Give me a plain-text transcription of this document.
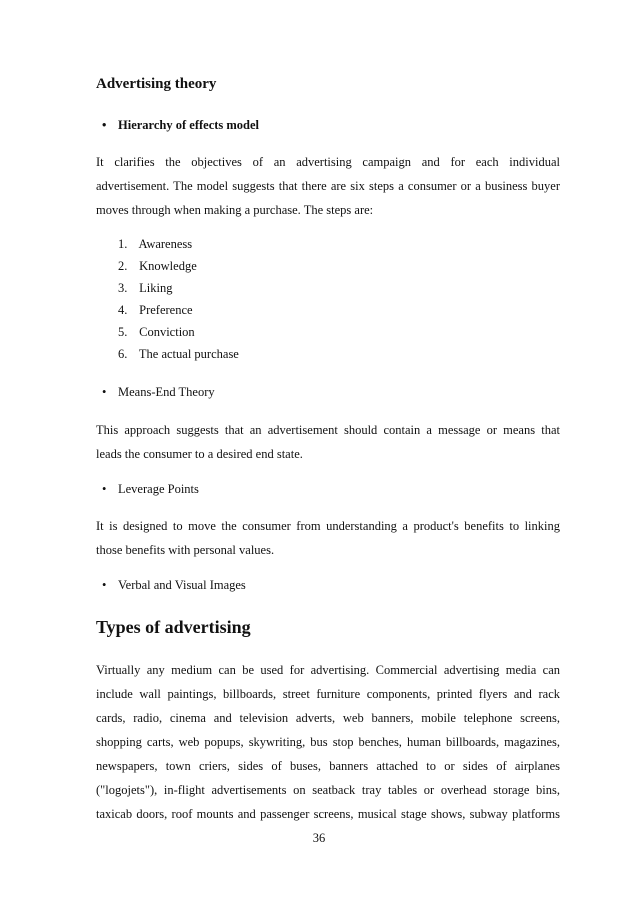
Advertising theory
• Hierarchy of effects model
It clarifies the objectives of an advertising campaign and for each individual
advertisement. The model suggests that there are six steps a consumer or a business buyer
moves through when making a purchase. The steps are:
1. Awareness
2. Knowledge
3. Liking
4. Preference
5. Conviction
6. The actual purchase
• Means-End Theory
This approach suggests that an advertisement should contain a message or means that
leads the consumer to a desired end state.
• Leverage Points
It is designed to move the consumer from understanding a product's benefits to linking
those benefits with personal values.
• Verbal and Visual Images
Types of advertising
Virtually any medium can be used for advertising. Commercial advertising media can
include wall paintings, billboards, street furniture components, printed flyers and rack
cards, radio, cinema and television adverts, web banners, mobile telephone screens,
shopping carts, web popups, skywriting, bus stop benches, human billboards, magazines,
newspapers, town criers, sides of buses, banners attached to or sides of airplanes
("logojets"), in-flight advertisements on seatback tray tables or overhead storage bins,
taxicab doors, roof mounts and passenger screens, musical stage shows, subway platforms
36
